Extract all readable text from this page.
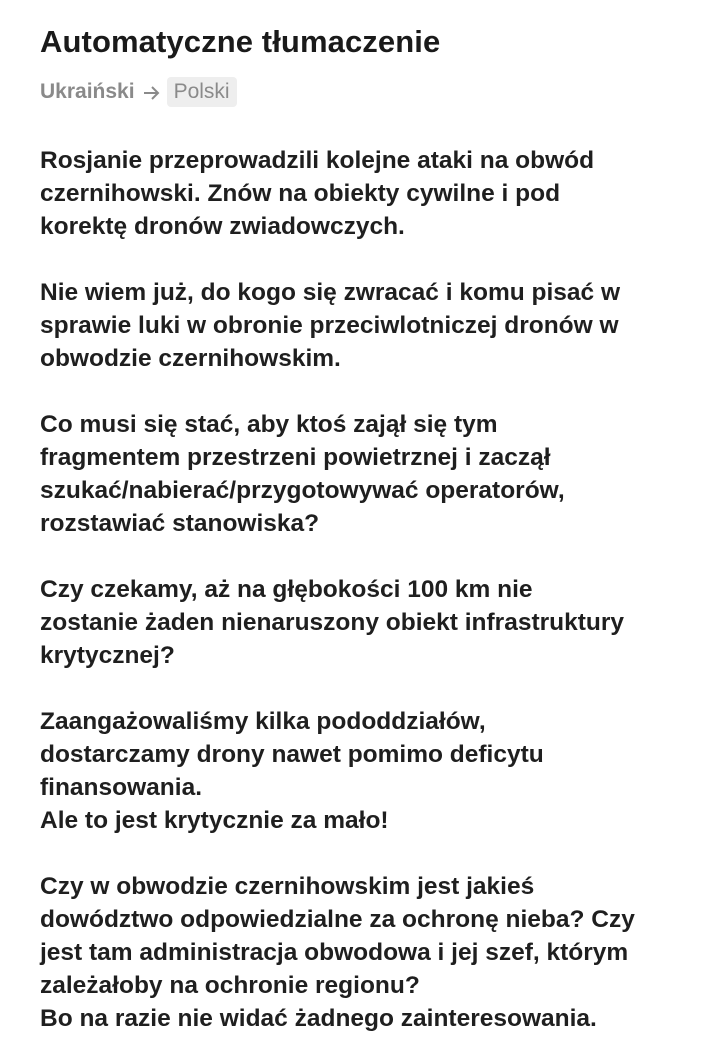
Automatyczne tłumaczenie
Ukraiński	Polski

Rosjanie przeprowadzili kolejne ataki na obwód
czernihowski. Znów na obiekty cywilne i pod
korektę dronów zwiadowczych.

Nie wiem już, do kogo się zwracać i komu pisać w
sprawie luki w obronie przeciwlotniczej dronów w
obwodzie czernihowskim.

Co musi się stać, aby ktoś zajął się tym
fragmentem przestrzeni powietrznej i zaczął
szukać/nabierać/przygotowywać operatorów,
rozstawiać stanowiska?

Czy czekamy, aż na głębokości 100 km nie
zostanie żaden nienaruszony obiekt infrastruktury
krytycznej?

Zaangażowaliśmy kilka pododdziałów,
dostarczamy drony nawet pomimo deficytu
finansowania.
Ale to jest krytycznie za mało!

Czy w obwodzie czernihowskim jest jakieś
dowództwo odpowiedzialne za ochronę nieba? Czy
jest tam administracja obwodowa i jej szef, którym
zależałoby na ochronie regionu?
Bo na razie nie widać żadnego zainteresowania.
